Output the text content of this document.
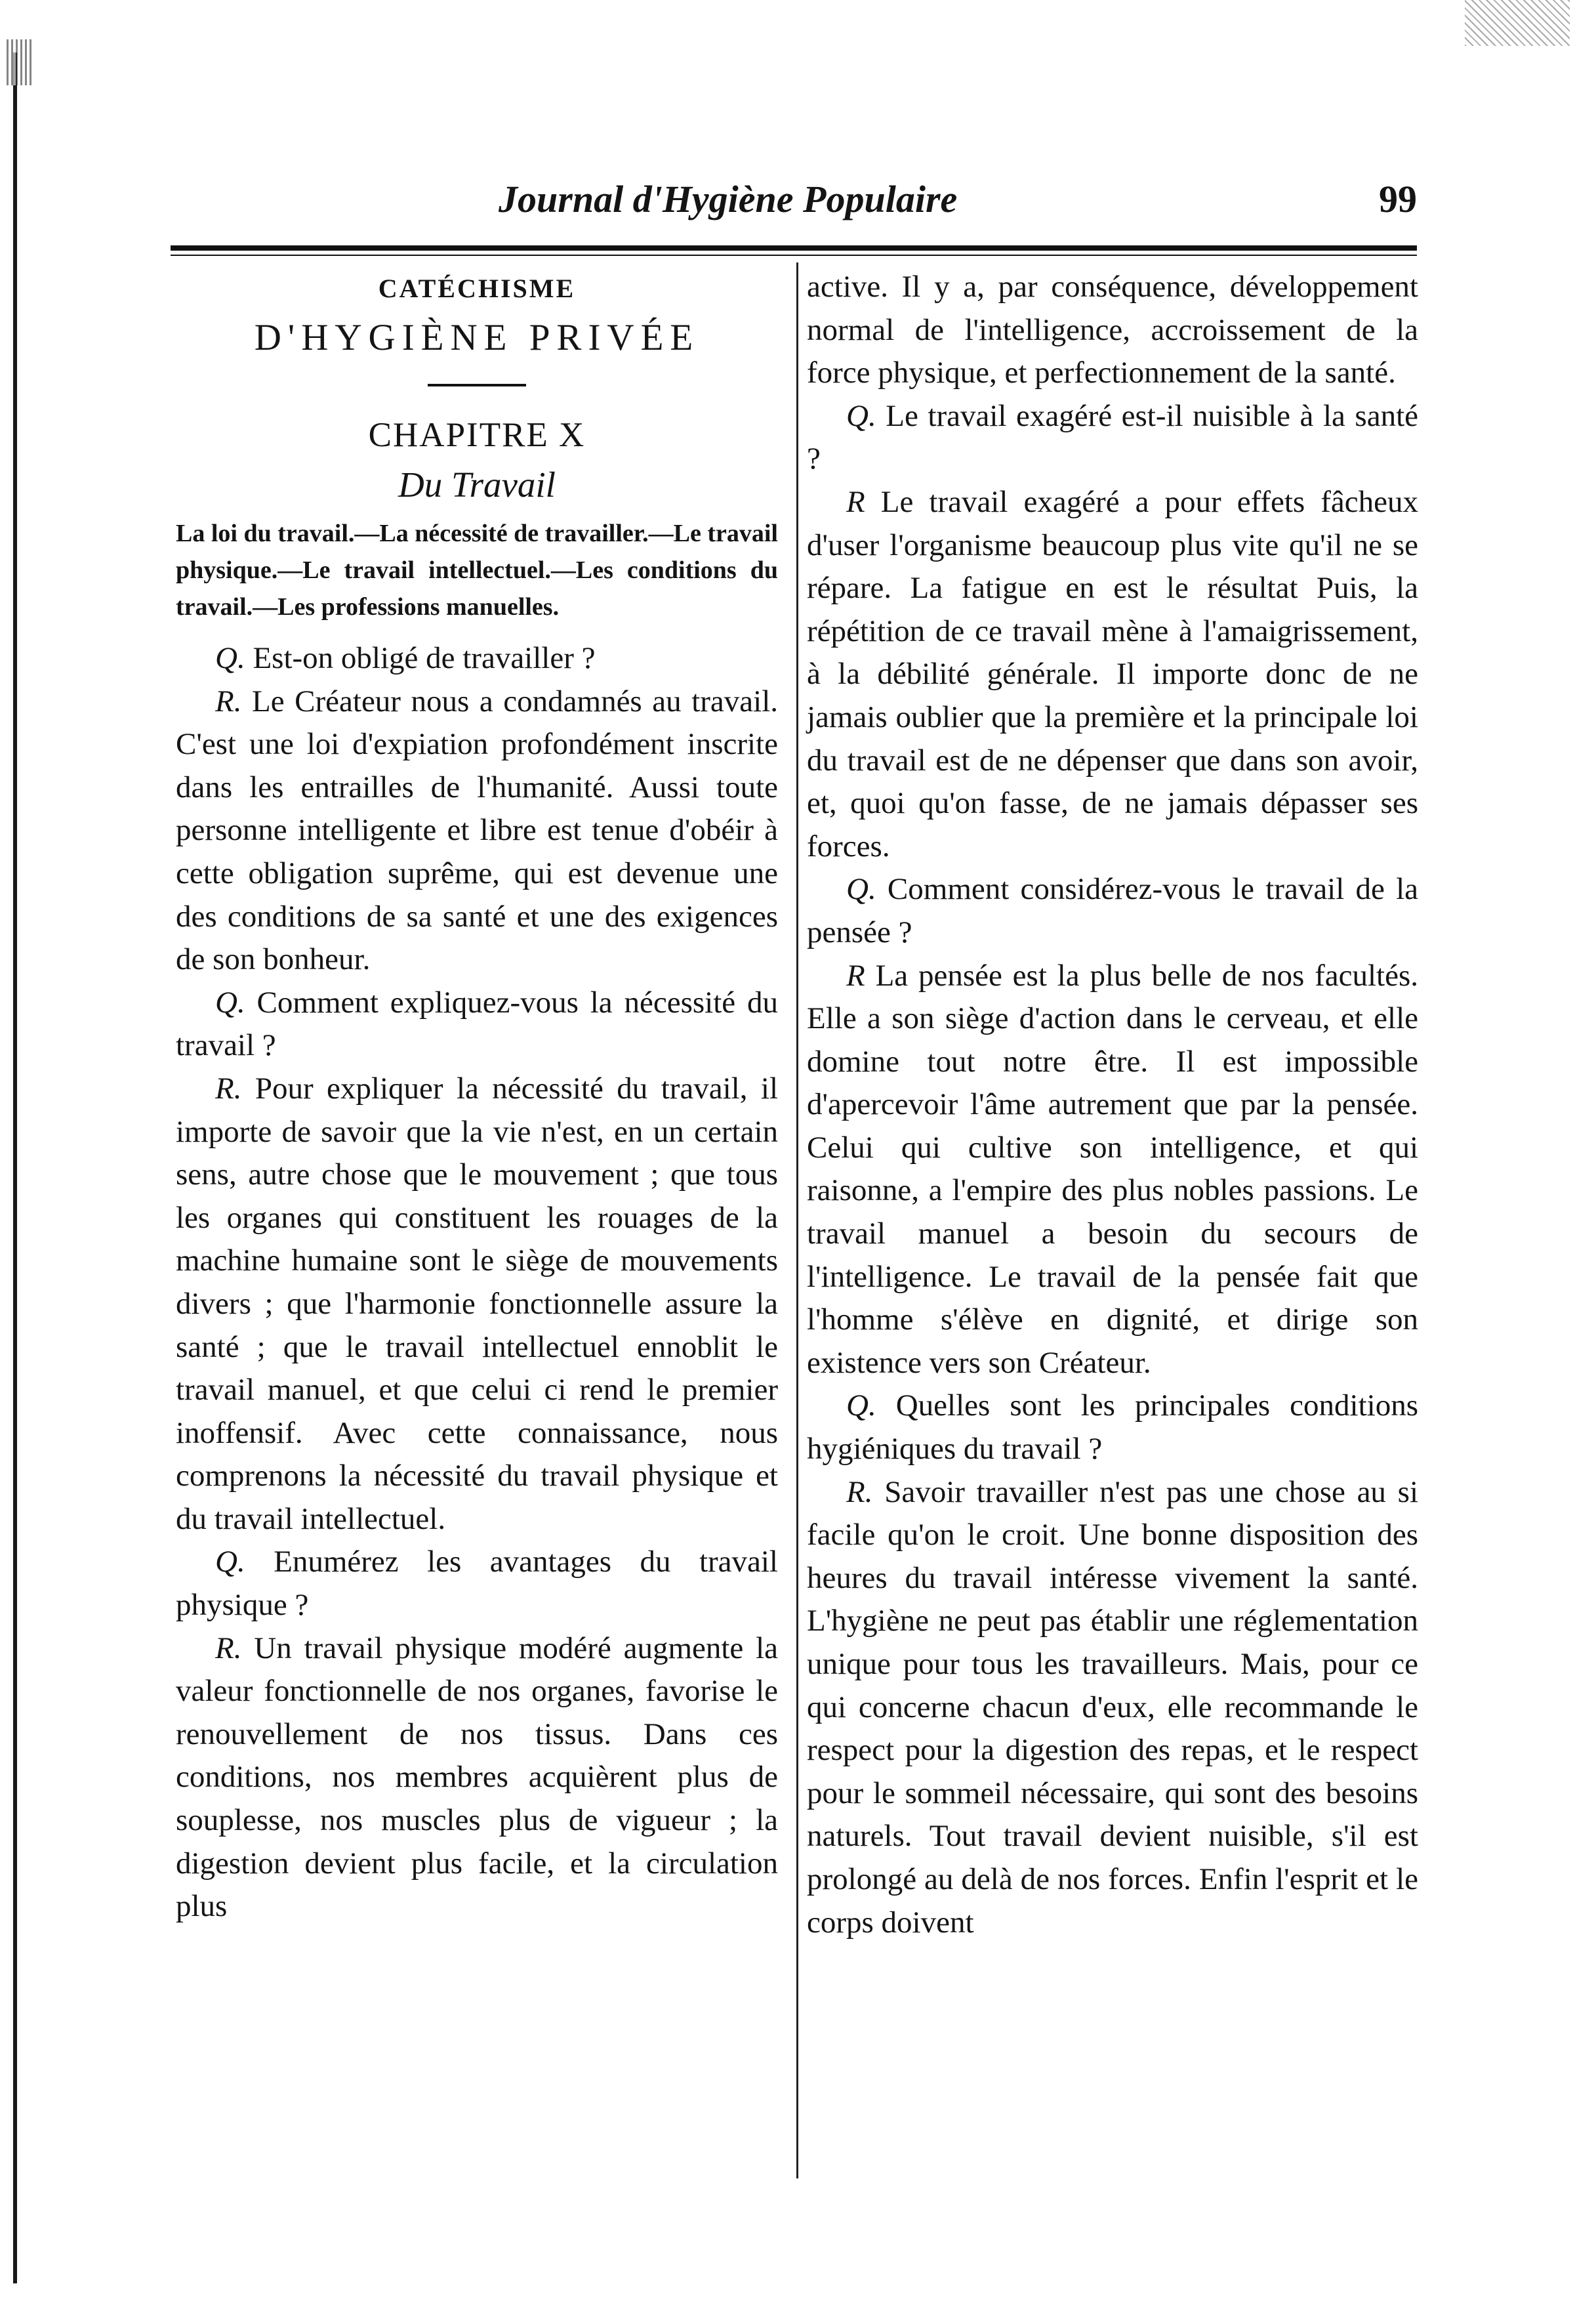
Journal d'Hygiène Populaire	99
CATÉCHISME
D'HYGIÈNE PRIVÉE
CHAPITRE X
Du Travail
La loi du travail.—La nécessité de travailler.—Le travail physique.—Le travail intellectuel.—Les conditions du travail.—Les professions manuelles.

Q. Est-on obligé de travailler ?

R. Le Créateur nous a condamnés au travail. C'est une loi d'expiation profondément inscrite dans les entrailles de l'humanité. Aussi toute personne intelligente et libre est tenue d'obéir à cette obligation suprême, qui est devenue une des conditions de sa santé et une des exigences de son bonheur.

Q. Comment expliquez-vous la nécessité du travail ?

R. Pour expliquer la nécessité du travail, il importe de savoir que la vie n'est, en un certain sens, autre chose que le mouvement ; que tous les organes qui constituent les rouages de la machine humaine sont le siège de mouvements divers ; que l'harmonie fonctionnelle assure la santé ; que le travail intellectuel ennoblit le travail manuel, et que celui ci rend le premier inoffensif. Avec cette connaissance, nous comprenons la nécessité du travail physique et du travail intellectuel.

Q. Enumérez les avantages du travail physique ?

R. Un travail physique modéré augmente la valeur fonctionnelle de nos organes, favorise le renouvellement de nos tissus. Dans ces conditions, nos membres acquièrent plus de souplesse, nos muscles plus de vigueur ; la digestion devient plus facile, et la circulation plus

active. Il y a, par conséquence, développement normal de l'intelligence, accroissement de la force physique, et perfectionnement de la santé.

Q. Le travail exagéré est-il nuisible à la santé ?

R Le travail exagéré a pour effets fâcheux d'user l'organisme beaucoup plus vite qu'il ne se répare. La fatigue en est le résultat Puis, la répétition de ce travail mène à l'amaigrissement, à la débilité générale. Il importe donc de ne jamais oublier que la première et la principale loi du travail est de ne dépenser que dans son avoir, et, quoi qu'on fasse, de ne jamais dépasser ses forces.

Q. Comment considérez-vous le travail de la pensée ?

R La pensée est la plus belle de nos facultés. Elle a son siège d'action dans le cerveau, et elle domine tout notre être. Il est impossible d'apercevoir l'âme autrement que par la pensée. Celui qui cultive son intelligence, et qui raisonne, a l'empire des plus nobles passions. Le travail manuel a besoin du secours de l'intelligence. Le travail de la pensée fait que l'homme s'élève en dignité, et dirige son existence vers son Créateur.

Q. Quelles sont les principales conditions hygiéniques du travail ?

R. Savoir travailler n'est pas une chose au si facile qu'on le croit. Une bonne disposition des heures du travail intéresse vivement la santé. L'hygiène ne peut pas établir une réglementation unique pour tous les travailleurs. Mais, pour ce qui concerne chacun d'eux, elle recommande le respect pour la digestion des repas, et le respect pour le sommeil nécessaire, qui sont des besoins naturels. Tout travail devient nuisible, s'il est prolongé au delà de nos forces. Enfin l'esprit et le corps doivent
